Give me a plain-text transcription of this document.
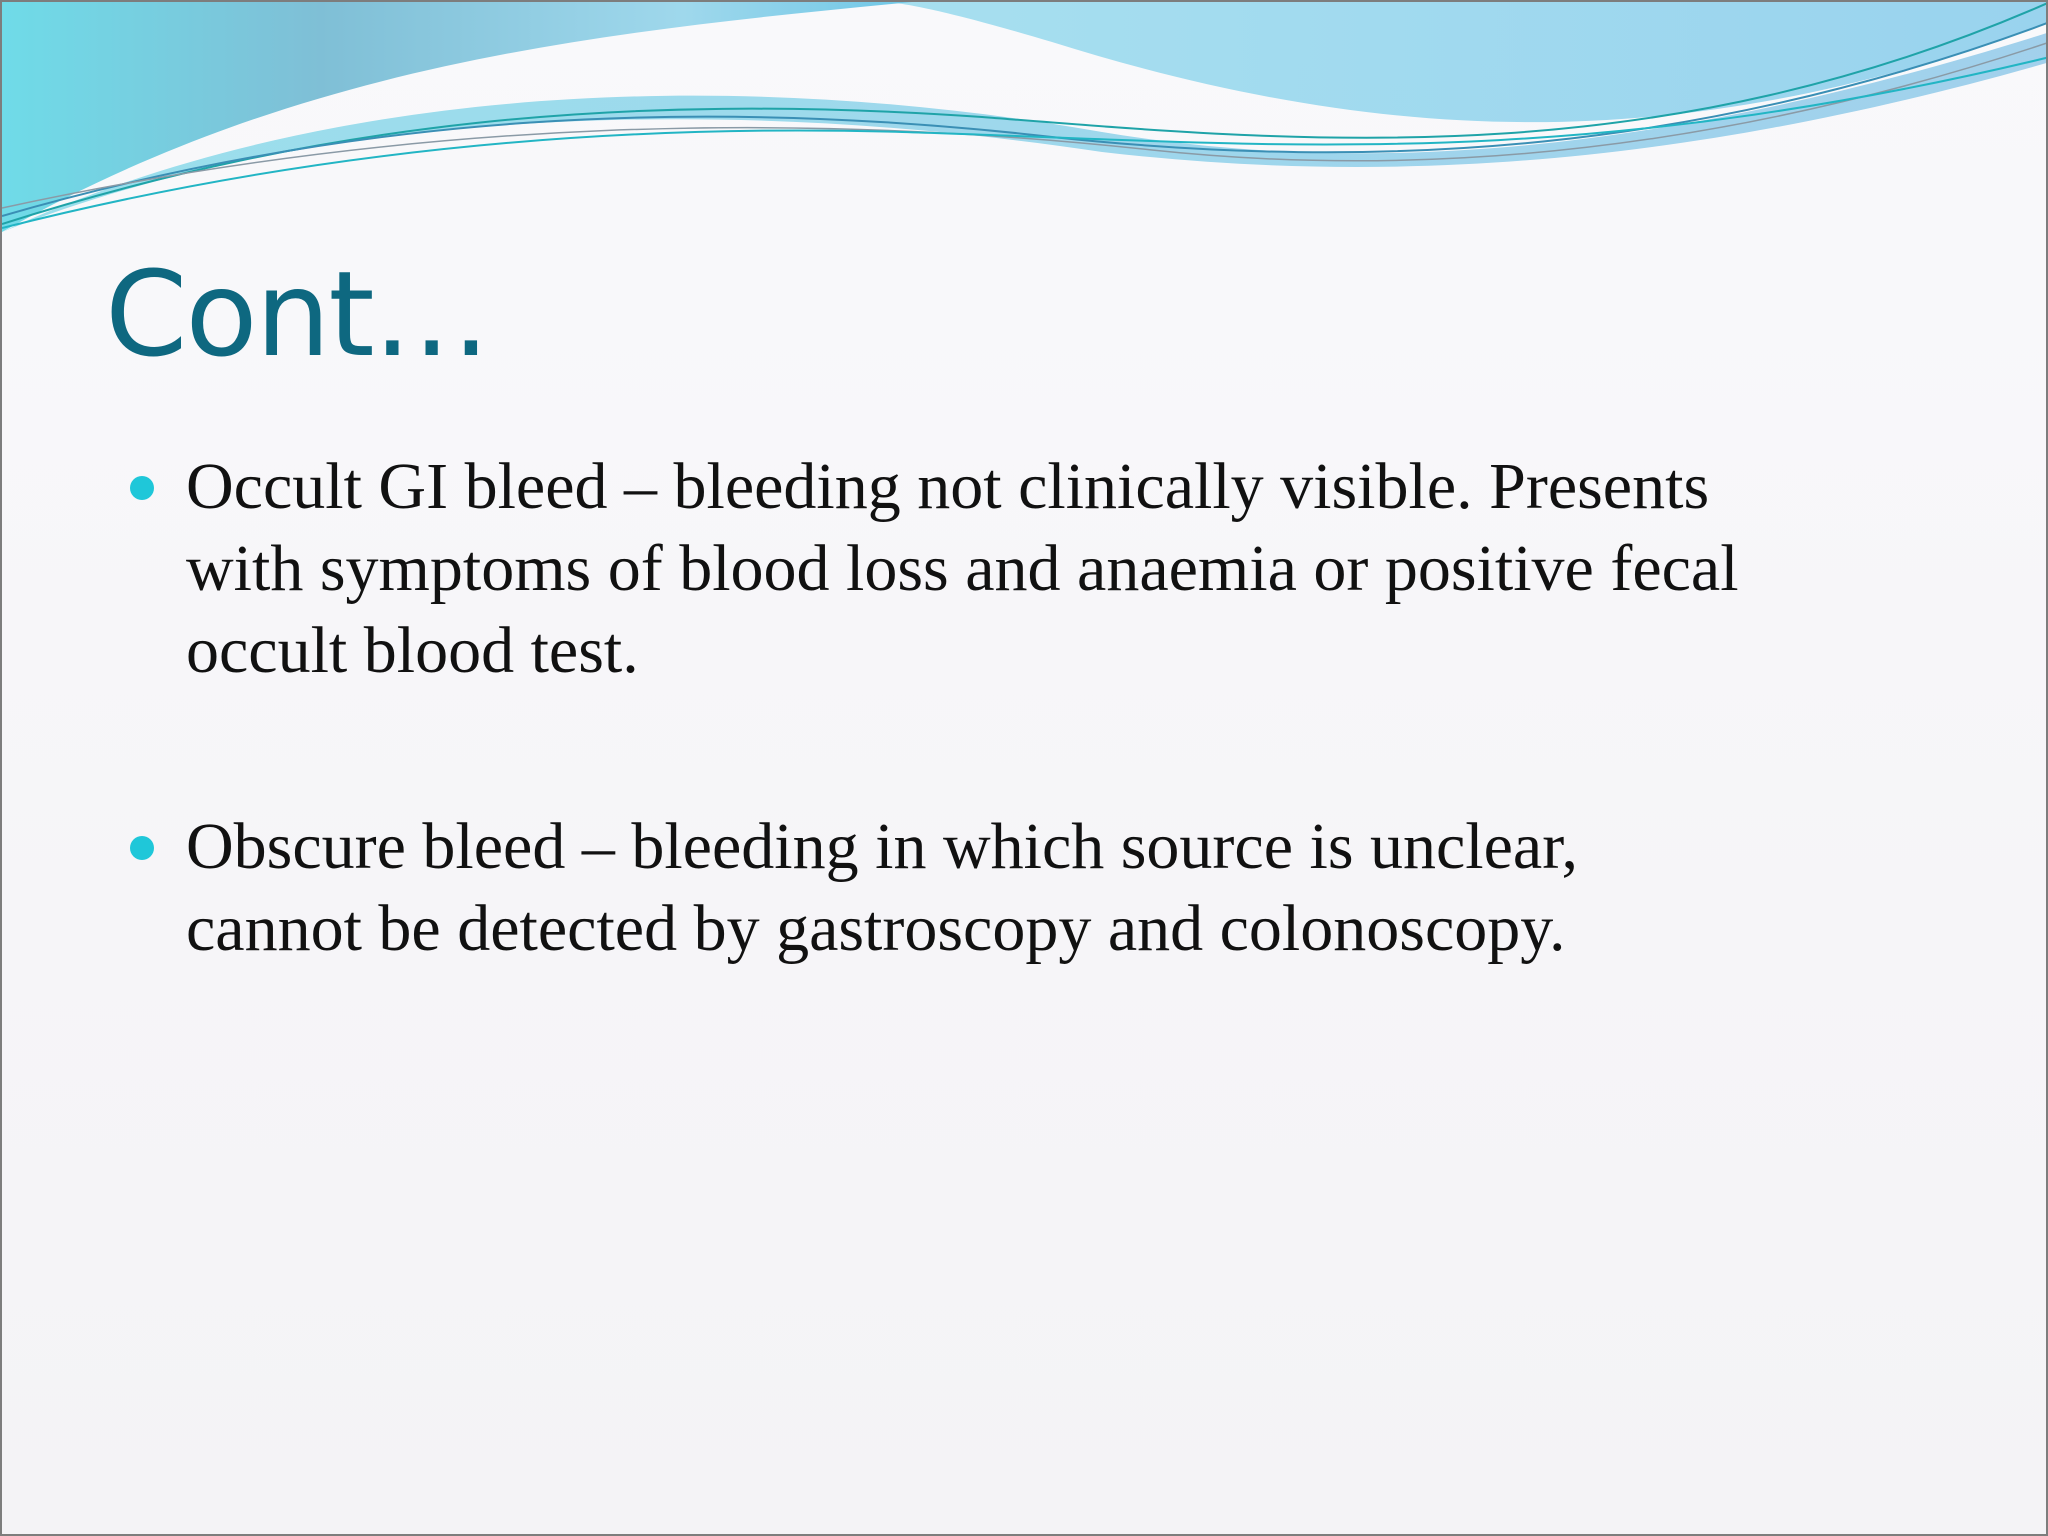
Cont…
Occult GI bleed – bleeding not clinically visible. Presents
with symptoms of blood loss and anaemia or positive fecal
occult blood test.
Obscure bleed – bleeding in which source is unclear,
cannot be detected by gastroscopy and colonoscopy.
